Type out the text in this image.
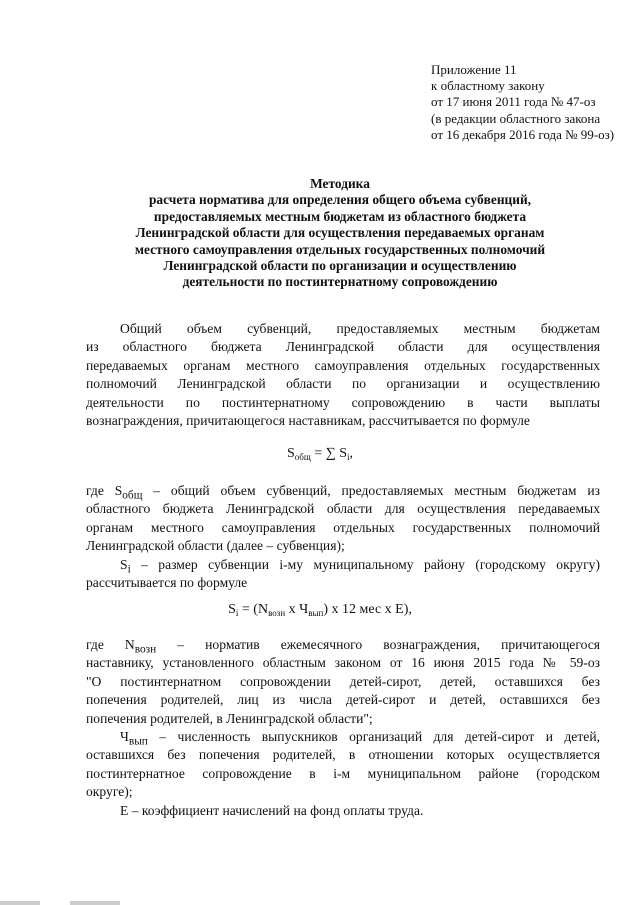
Приложение 11
к областному закону
от 17 июня 2011 года № 47-оз
(в редакции областного закона
от 16 декабря 2016 года № 99-оз)
Методика
расчета норматива для определения общего объема субвенций,
предоставляемых местным бюджетам из областного бюджета
Ленинградской области для осуществления передаваемых органам
местного самоуправления отдельных государственных полномочий
Ленинградской области по организации и осуществлению
деятельности по постинтернатному сопровождению
Общий объем субвенций, предоставляемых местным бюджетам
из областного бюджета Ленинградской области для осуществления
передаваемых органам местного самоуправления отдельных государственных
полномочий Ленинградской области по организации и осуществлению
деятельности по постинтернатному сопровождению в части выплаты
вознаграждения, причитающегося наставникам, рассчитывается по формуле
$S_{общ}$ = ∑ $S_i$,
где $S_{общ}$ – общий объем субвенций, предоставляемых местным бюджетам из
областного бюджета Ленинградской области для осуществления передаваемых
органам местного самоуправления отдельных государственных полномочий
Ленинградской области (далее – субвенция);
$S_i$ – размер субвенции i-му муниципальному району (городскому округу)
рассчитывается по формуле
$S_i = (N_{возн}$ x $Ч_{вып}$) x 12 мес x E),
где $N_{возн}$ – норматив ежемесячного вознаграждения, причитающегося
наставнику, установленного областным законом от 16 июня 2015 года № 59-оз
"О постинтернатном сопровождении детей-сирот, детей, оставшихся без
попечения родителей, лиц из числа детей-сирот и детей, оставшихся без
попечения родителей, в Ленинградской области";
$Ч_{вып}$ – численность выпускников организаций для детей-сирот и детей,
оставшихся без попечения родителей, в отношении которых осуществляется
постинтернатное сопровождение в i-м муниципальном районе (городском
округе);
E – коэффициент начислений на фонд оплаты труда.
